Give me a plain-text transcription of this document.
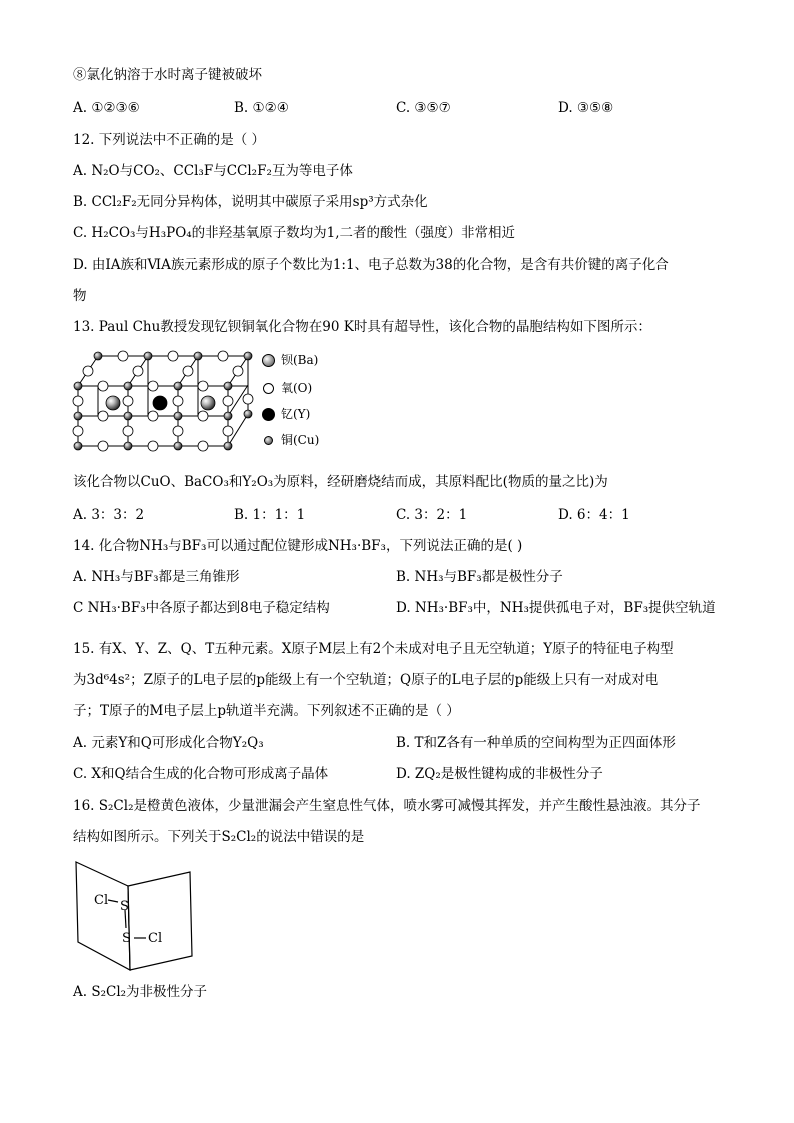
⑧氯化钠溶于水时离子键被破坏
A. ①②③⑥	B. ①②④	C. ③⑤⑦	D. ③⑤⑧
12. 下列说法中不正确的是（ ）
A. N₂O与CO₂、CCl₃F与CCl₂F₂互为等电子体
B. CCl₂F₂无同分异构体，说明其中碳原子采用sp³方式杂化
C. H₂CO₃与H₃PO₄的非羟基氧原子数均为1,二者的酸性（强度）非常相近
D. 由ⅠA族和ⅥA族元素形成的原子个数比为1:1、电子总数为38的化合物，是含有共价键的离子化合
物
13. Paul Chu教授发现钇钡铜氧化合物在90 K时具有超导性，该化合物的晶胞结构如下图所示：
钡(Ba)
氧(O)
钇(Y)
铜(Cu)
该化合物以CuO、BaCO₃和Y₂O₃为原料，经研磨烧结而成，其原料配比(物质的量之比)为
A. 3：3：2	B. 1：1：1	C. 3：2：1	D. 6：4：1
14. 化合物NH₃与BF₃可以通过配位键形成NH₃·BF₃，下列说法正确的是( )
A. NH₃与BF₃都是三角锥形	B. NH₃与BF₃都是极性分子
C NH₃·BF₃中各原子都达到8电子稳定结构	D. NH₃·BF₃中，NH₃提供孤电子对，BF₃提供空轨道
15. 有X、Y、Z、Q、T五种元素。X原子M层上有2个未成对电子且无空轨道；Y原子的特征电子构型
为3d⁶4s²；Z原子的L电子层的p能级上有一个空轨道；Q原子的L电子层的p能级上只有一对成对电
子；T原子的M电子层上p轨道半充满。下列叙述不正确的是（ ）
A. 元素Y和Q可形成化合物Y₂Q₃	B. T和Z各有一种单质的空间构型为正四面体形
C. X和Q结合生成的化合物可形成离子晶体	D. ZQ₂是极性键构成的非极性分子
16. S₂Cl₂是橙黄色液体，少量泄漏会产生窒息性气体，喷水雾可减慢其挥发，并产生酸性悬浊液。其分子
结构如图所示。下列关于S₂Cl₂的说法中错误的是
Cl S
S Cl
A. S₂Cl₂为非极性分子
